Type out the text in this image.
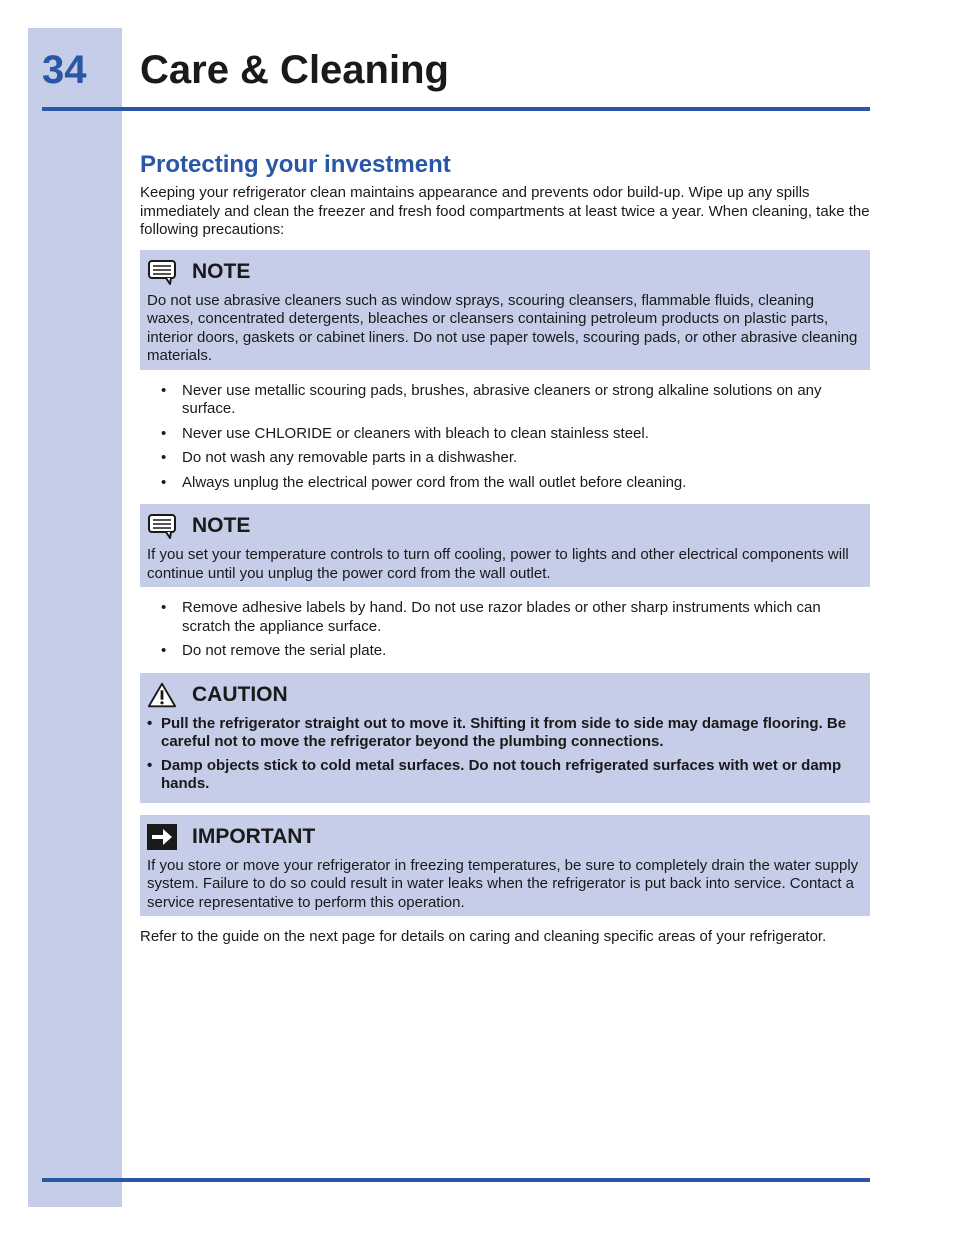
34 Care & Cleaning
Protecting your investment

Keeping your refrigerator clean maintains appearance and prevents odor build-up. Wipe up any spills immediately and clean the freezer and fresh food compartments at least twice a year. When cleaning, take the following precautions:

NOTE

Do not use abrasive cleaners such as window sprays, scouring cleansers, flammable fluids, cleaning waxes, concentrated detergents, bleaches or cleansers containing petroleum products on plastic parts, interior doors, gaskets or cabinet liners. Do not use paper towels, scouring pads, or other abrasive cleaning materials.

• Never use metallic scouring pads, brushes, abrasive cleaners or strong alkaline solutions on any surface.
• Never use CHLORIDE or cleaners with bleach to clean stainless steel.
• Do not wash any removable parts in a dishwasher.
• Always unplug the electrical power cord from the wall outlet before cleaning.
NOTE

If you set your temperature controls to turn off cooling, power to lights and other electrical components will continue until you unplug the power cord from the wall outlet.

• Remove adhesive labels by hand. Do not use razor blades or other sharp instruments which can scratch the appliance surface.
• Do not remove the serial plate.
CAUTION
• Pull the refrigerator straight out to move it. Shifting it from side to side may damage flooring. Be careful not to move the refrigerator beyond the plumbing connections.
• Damp objects stick to cold metal surfaces. Do not touch refrigerated surfaces with wet or damp hands.
IMPORTANT

If you store or move your refrigerator in freezing temperatures, be sure to completely drain the water supply system. Failure to do so could result in water leaks when the refrigerator is put back into service. Contact a service representative to perform this operation.

Refer to the guide on the next page for details on caring and cleaning specific areas of your refrigerator.
